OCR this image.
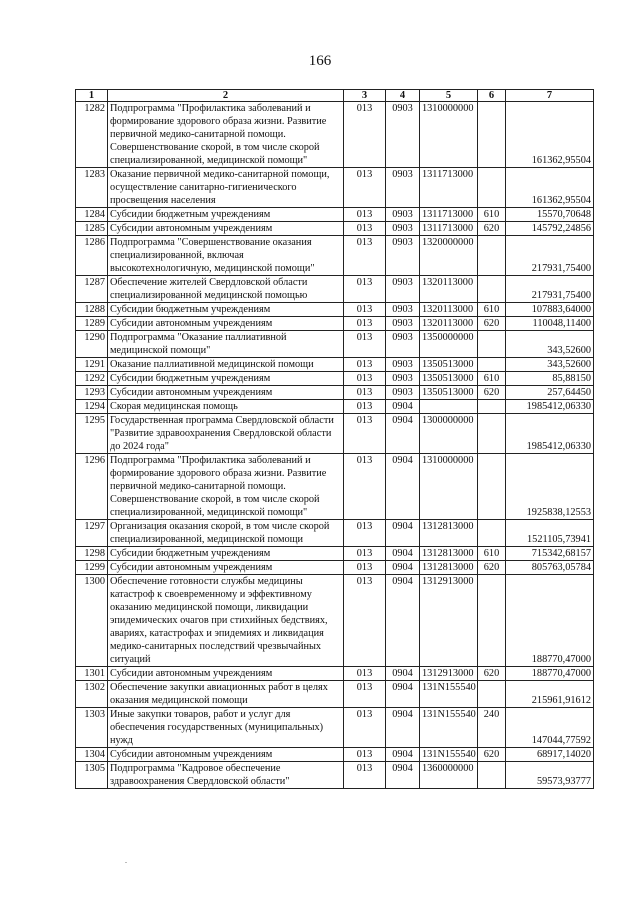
166
1	2	3	4	5	6	7
1282	Подпрограмма "Профилактика заболеваний и формирование здорового образа жизни. Развитие первичной медико-санитарной помощи. Совершенствование скорой, в том числе скорой специализированной, медицинской помощи"	013	0903	1310000000		161362,95504
1283	Оказание первичной медико-санитарной помощи, осуществление санитарно-гигиенического просвещения населения	013	0903	1311713000		161362,95504
1284	Субсидии бюджетным учреждениям	013	0903	1311713000	610	15570,70648
1285	Субсидии автономным учреждениям	013	0903	1311713000	620	145792,24856
1286	Подпрограмма "Совершенствование оказания специализированной, включая высокотехнологичную, медицинской помощи"	013	0903	1320000000		217931,75400
1287	Обеспечение жителей Свердловской области специализированной медицинской помощью	013	0903	1320113000		217931,75400
1288	Субсидии бюджетным учреждениям	013	0903	1320113000	610	107883,64000
1289	Субсидии автономным учреждениям	013	0903	1320113000	620	110048,11400
1290	Подпрограмма "Оказание паллиативной медицинской помощи"	013	0903	1350000000		343,52600
1291	Оказание паллиативной медицинской помощи	013	0903	1350513000		343,52600
1292	Субсидии бюджетным учреждениям	013	0903	1350513000	610	85,88150
1293	Субсидии автономным учреждениям	013	0903	1350513000	620	257,64450
1294	Скорая медицинская помощь	013	0904			1985412,06330
1295	Государственная программа Свердловской области "Развитие здравоохранения Свердловской области до 2024 года"	013	0904	1300000000		1985412,06330
1296	Подпрограмма "Профилактика заболеваний и формирование здорового образа жизни. Развитие первичной медико-санитарной помощи. Совершенствование скорой, в том числе скорой специализированной, медицинской помощи"	013	0904	1310000000		1925838,12553
1297	Организация оказания скорой, в том числе скорой специализированной, медицинской помощи	013	0904	1312813000		1521105,73941
1298	Субсидии бюджетным учреждениям	013	0904	1312813000	610	715342,68157
1299	Субсидии автономным учреждениям	013	0904	1312813000	620	805763,05784
1300	Обеспечение готовности службы медицины катастроф к своевременному и эффективному оказанию медицинской помощи, ликвидации эпидемических очагов при стихийных бедствиях, авариях, катастрофах и эпидемиях и ликвидация медико-санитарных последствий чрезвычайных ситуаций	013	0904	1312913000		188770,47000
1301	Субсидии автономным учреждениям	013	0904	1312913000	620	188770,47000
1302	Обеспечение закупки авиационных работ в целях оказания медицинской помощи	013	0904	131N155540		215961,91612
1303	Иные закупки товаров, работ и услуг для обеспечения государственных (муниципальных) нужд	013	0904	131N155540	240	147044,77592
1304	Субсидии автономным учреждениям	013	0904	131N155540	620	68917,14020
1305	Подпрограмма "Кадровое обеспечение здравоохранения Свердловской области"	013	0904	1360000000		59573,93777
